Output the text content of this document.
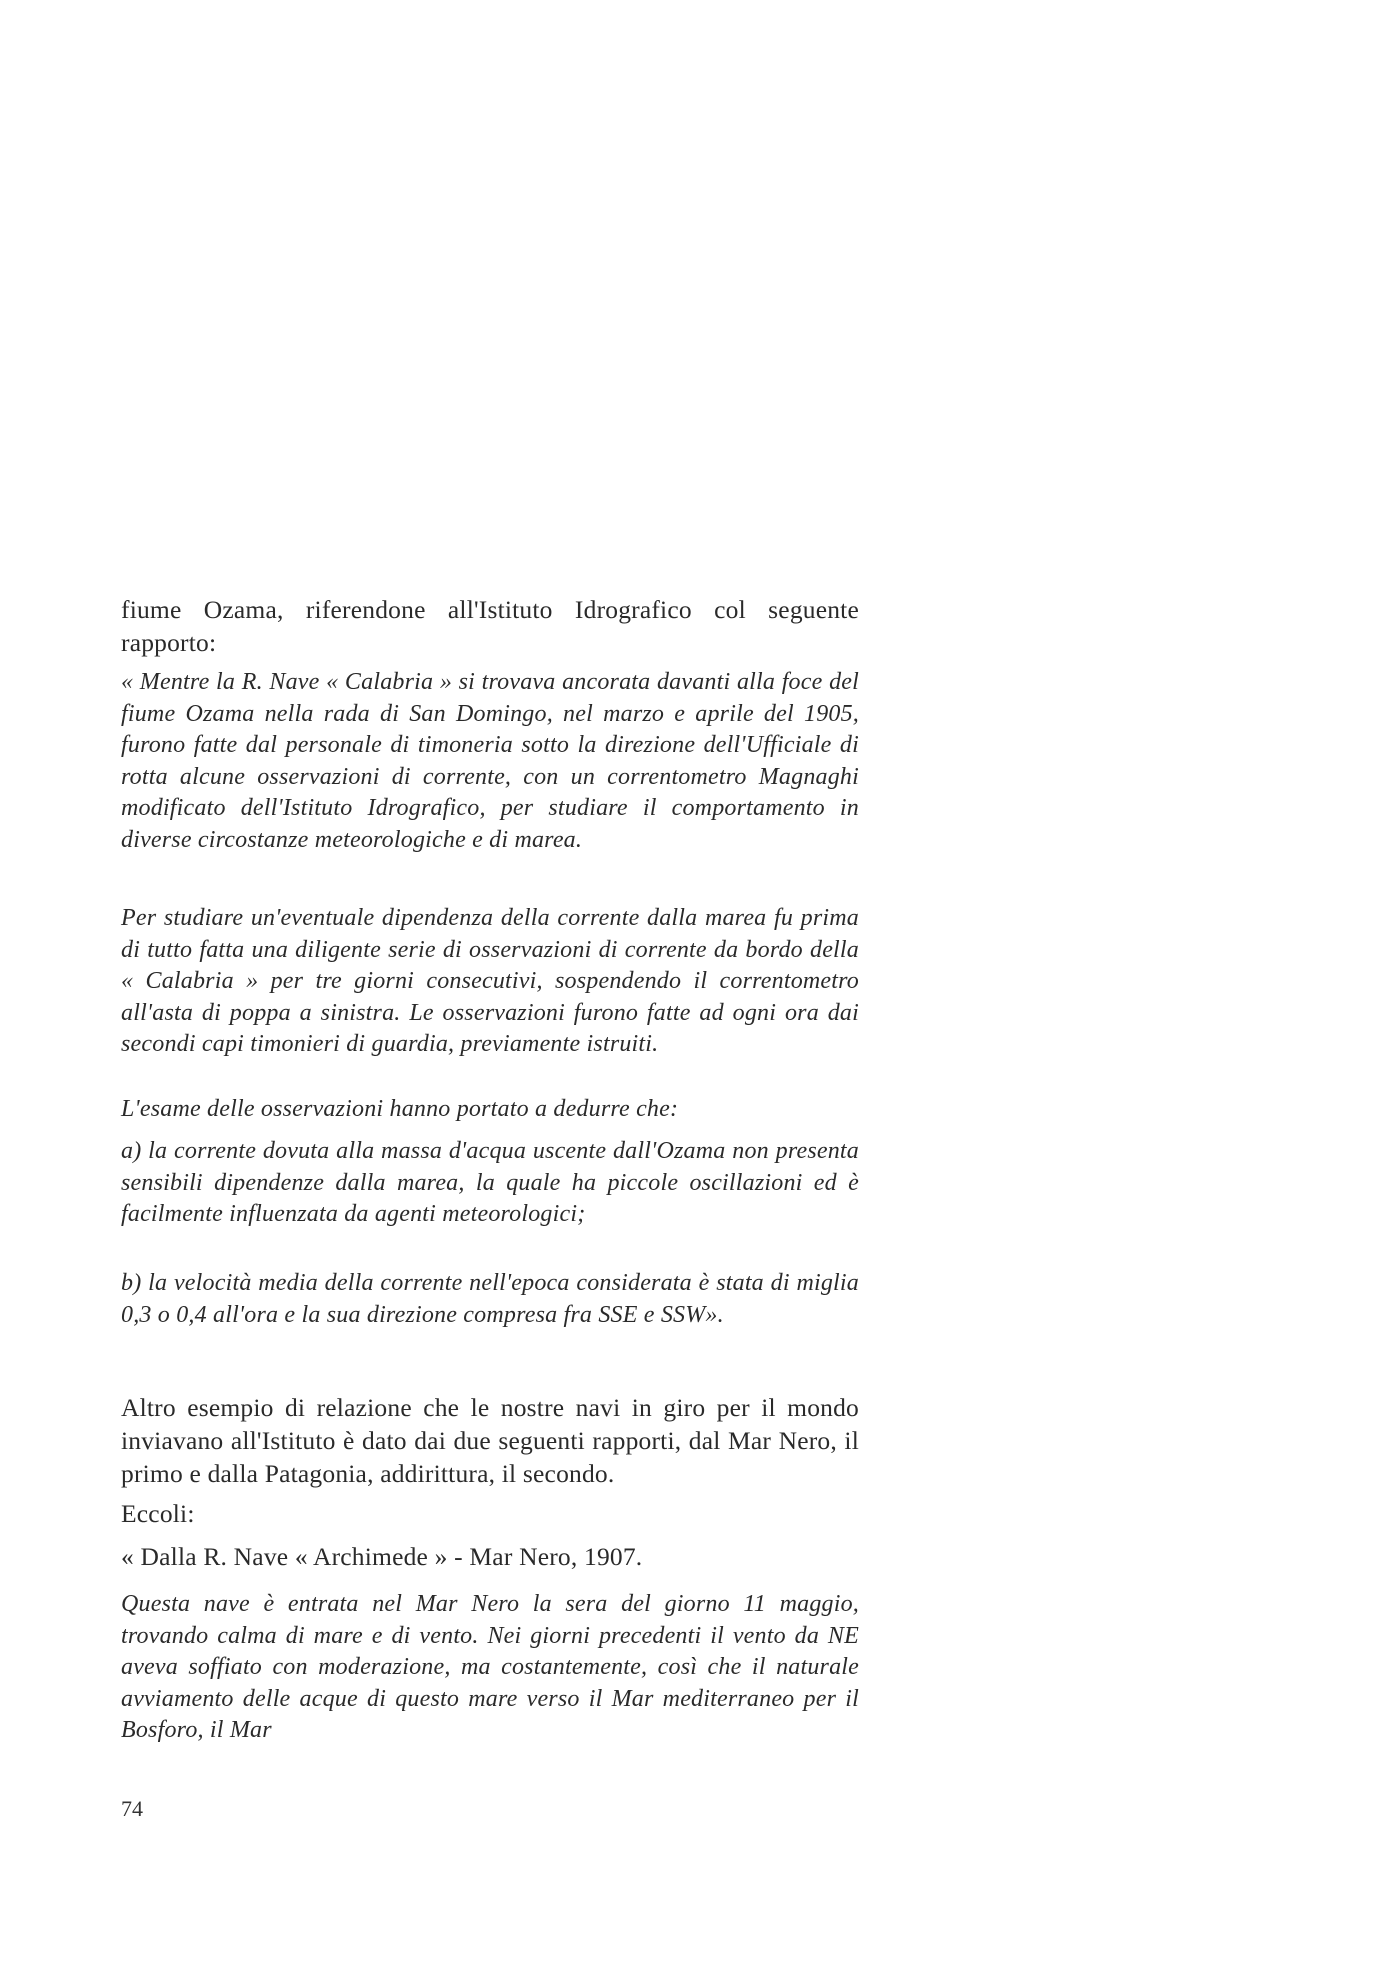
fiume Ozama, riferendone all'Istituto Idrografico col seguente rapporto:

« Mentre la R. Nave « Calabria » si trovava ancorata davanti alla foce del fiume Ozama nella rada di San Domingo, nel marzo e aprile del 1905, furono fatte dal personale di timoneria sotto la direzione dell'Ufficiale di rotta alcune osservazioni di corrente, con un correntometro Magnaghi modificato dell'Istituto Idrografico, per studiare il comportamento in diverse circostanze meteorologiche e di marea.

Per studiare un'eventuale dipendenza della corrente dalla marea fu prima di tutto fatta una diligente serie di osservazioni di corrente da bordo della « Calabria » per tre giorni consecutivi, sospendendo il correntometro all'asta di poppa a sinistra. Le osservazioni furono fatte ad ogni ora dai secondi capi timonieri di guardia, previamente istruiti.

L'esame delle osservazioni hanno portato a dedurre che:

a) la corrente dovuta alla massa d'acqua uscente dall'Ozama non presenta sensibili dipendenze dalla marea, la quale ha piccole oscillazioni ed è facilmente influenzata da agenti meteorologici;

b) la velocità media della corrente nell'epoca considerata è stata di miglia 0,3 o 0,4 all'ora e la sua direzione compresa fra SSE e SSW».

Altro esempio di relazione che le nostre navi in giro per il mondo inviavano all'Istituto è dato dai due seguenti rapporti, dal Mar Nero, il primo e dalla Patagonia, addirittura, il secondo.

Eccoli:

« Dalla R. Nave « Archimede » - Mar Nero, 1907.

Questa nave è entrata nel Mar Nero la sera del giorno 11 maggio, trovando calma di mare e di vento. Nei giorni precedenti il vento da NE aveva soffiato con moderazione, ma costantemente, così che il naturale avviamento delle acque di questo mare verso il Mar mediterraneo per il Bosforo, il Mar

74
